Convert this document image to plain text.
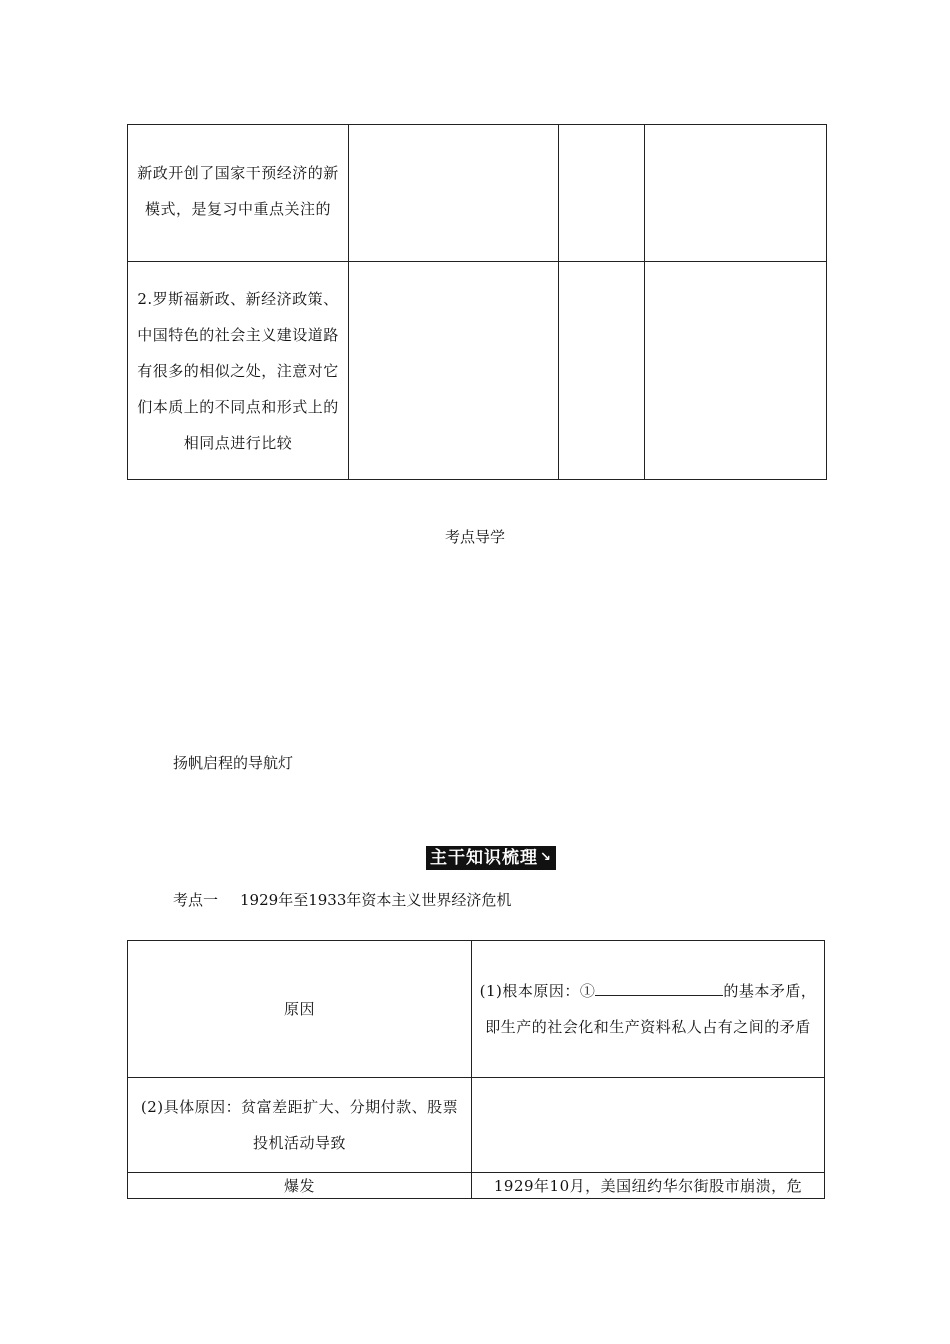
新政开创了国家干预经济的新模式，是复习中重点关注的			

2.罗斯福新政、新经济政策、中国特色的社会主义建设道路有很多的相似之处，注意对它们本质上的不同点和形式上的相同点进行比较			

考点导学
扬帆启程的导航灯
主干知识梳理 ↘
考点一 1929年至1933年资本主义世界经济危机
原因	(1)根本原因：① 的基本矛盾，即生产的社会化和生产资料私人占有之间的矛盾

(2)具体原因：贫富差距扩大、分期付款、股票投机活动导致	

爆发	1929年10月，美国纽约华尔街股市崩溃，危
